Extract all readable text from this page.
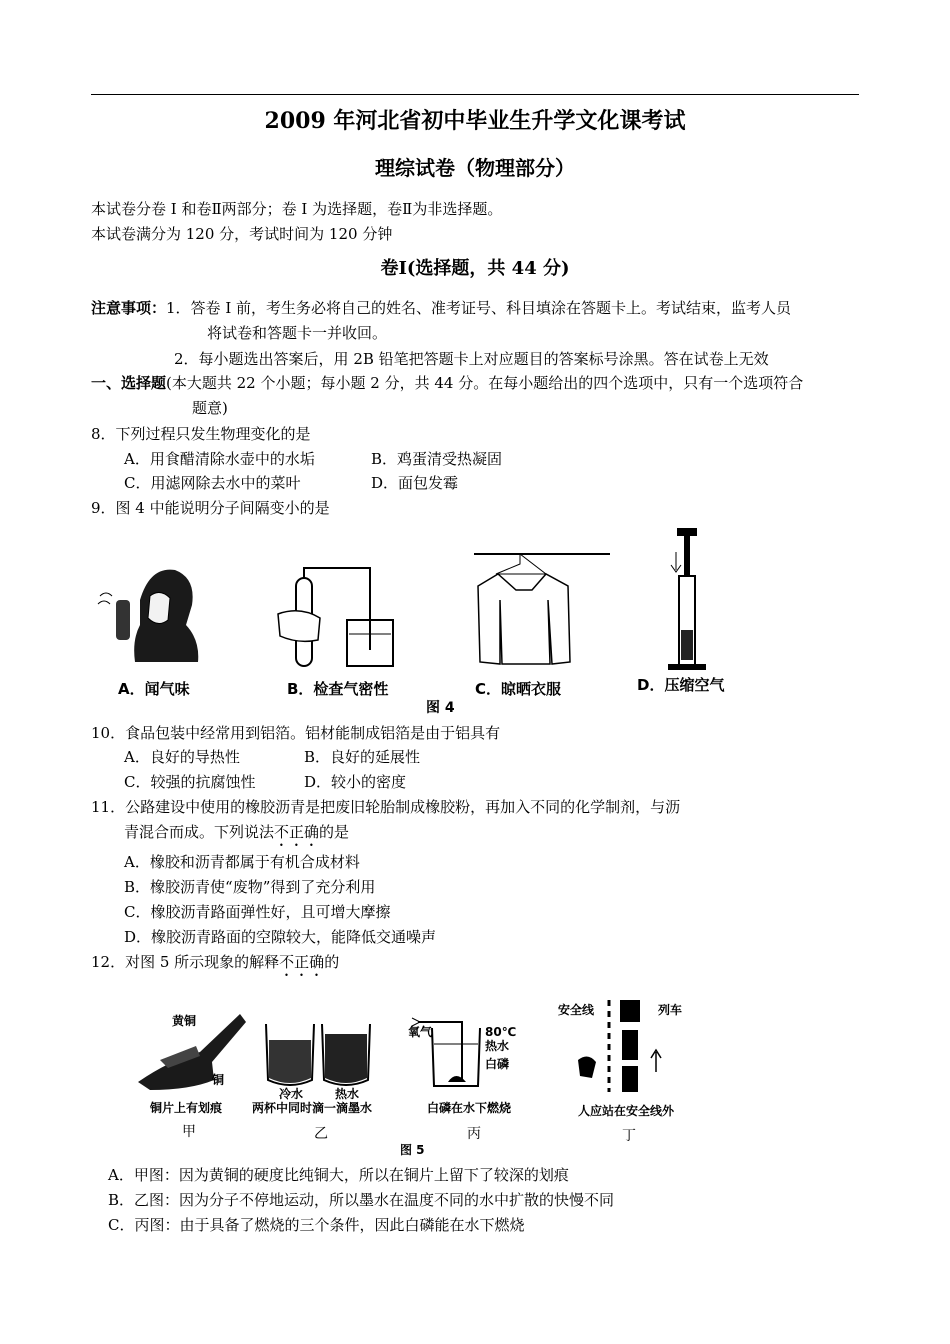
2009 年河北省初中毕业生升学文化课考试
理综试卷（物理部分）
本试卷分卷 I 和卷Ⅱ两部分；卷 I 为选择题，卷Ⅱ为非选择题。
本试卷满分为 120 分，考试时间为 120 分钟
卷Ⅰ(选择题，共 44 分)
注意事项：1．答卷 I 前，考生务必将自己的姓名、准考证号、科目填涂在答题卡上。考试结束，监考人员
将试卷和答题卡一并收回。
2．每小题选出答案后，用 2B 铅笔把答题卡上对应题目的答案标号涂黑。答在试卷上无效
一、选择题(本大题共 22 个小题；每小题 2 分，共 44 分。在每小题给出的四个选项中，只有一个选项符合
题意)
8．下列过程只发生物理变化的是
A．用食醋清除水壶中的水垢	B．鸡蛋清受热凝固
C．用滤网除去水中的菜叶	D．面包发霉
9．图 4 中能说明分子间隔变小的是
A．闻气味	B．检查气密性	C．晾晒衣服	D．压缩空气
图 4
10．食品包装中经常用到铝箔。铝材能制成铝箔是由于铝具有
A．良好的导热性	B．良好的延展性
C．较强的抗腐蚀性	D．较小的密度
11．公路建设中使用的橡胶沥青是把废旧轮胎制成橡胶粉，再加入不同的化学制剂，与沥
青混合而成。下列说法不正确的是
A．橡胶和沥青都属于有机合成材料
B．橡胶沥青使“废物”得到了充分利用
C．橡胶沥青路面弹性好，且可增大摩擦
D．橡胶沥青路面的空隙较大，能降低交通噪声
12．对图 5 所示现象的解释不正确的
黄铜
铜
铜片上有划痕
甲
冷水	热水
两杯中同时滴一滴墨水
乙
氧气	80℃
热水
白磷
白磷在水下燃烧
丙
安全线	列车
人应站在安全线外
丁
图 5
A．甲图：因为黄铜的硬度比纯铜大，所以在铜片上留下了较深的划痕
B．乙图：因为分子不停地运动，所以墨水在温度不同的水中扩散的快慢不同
C．丙图：由于具备了燃烧的三个条件，因此白磷能在水下燃烧
